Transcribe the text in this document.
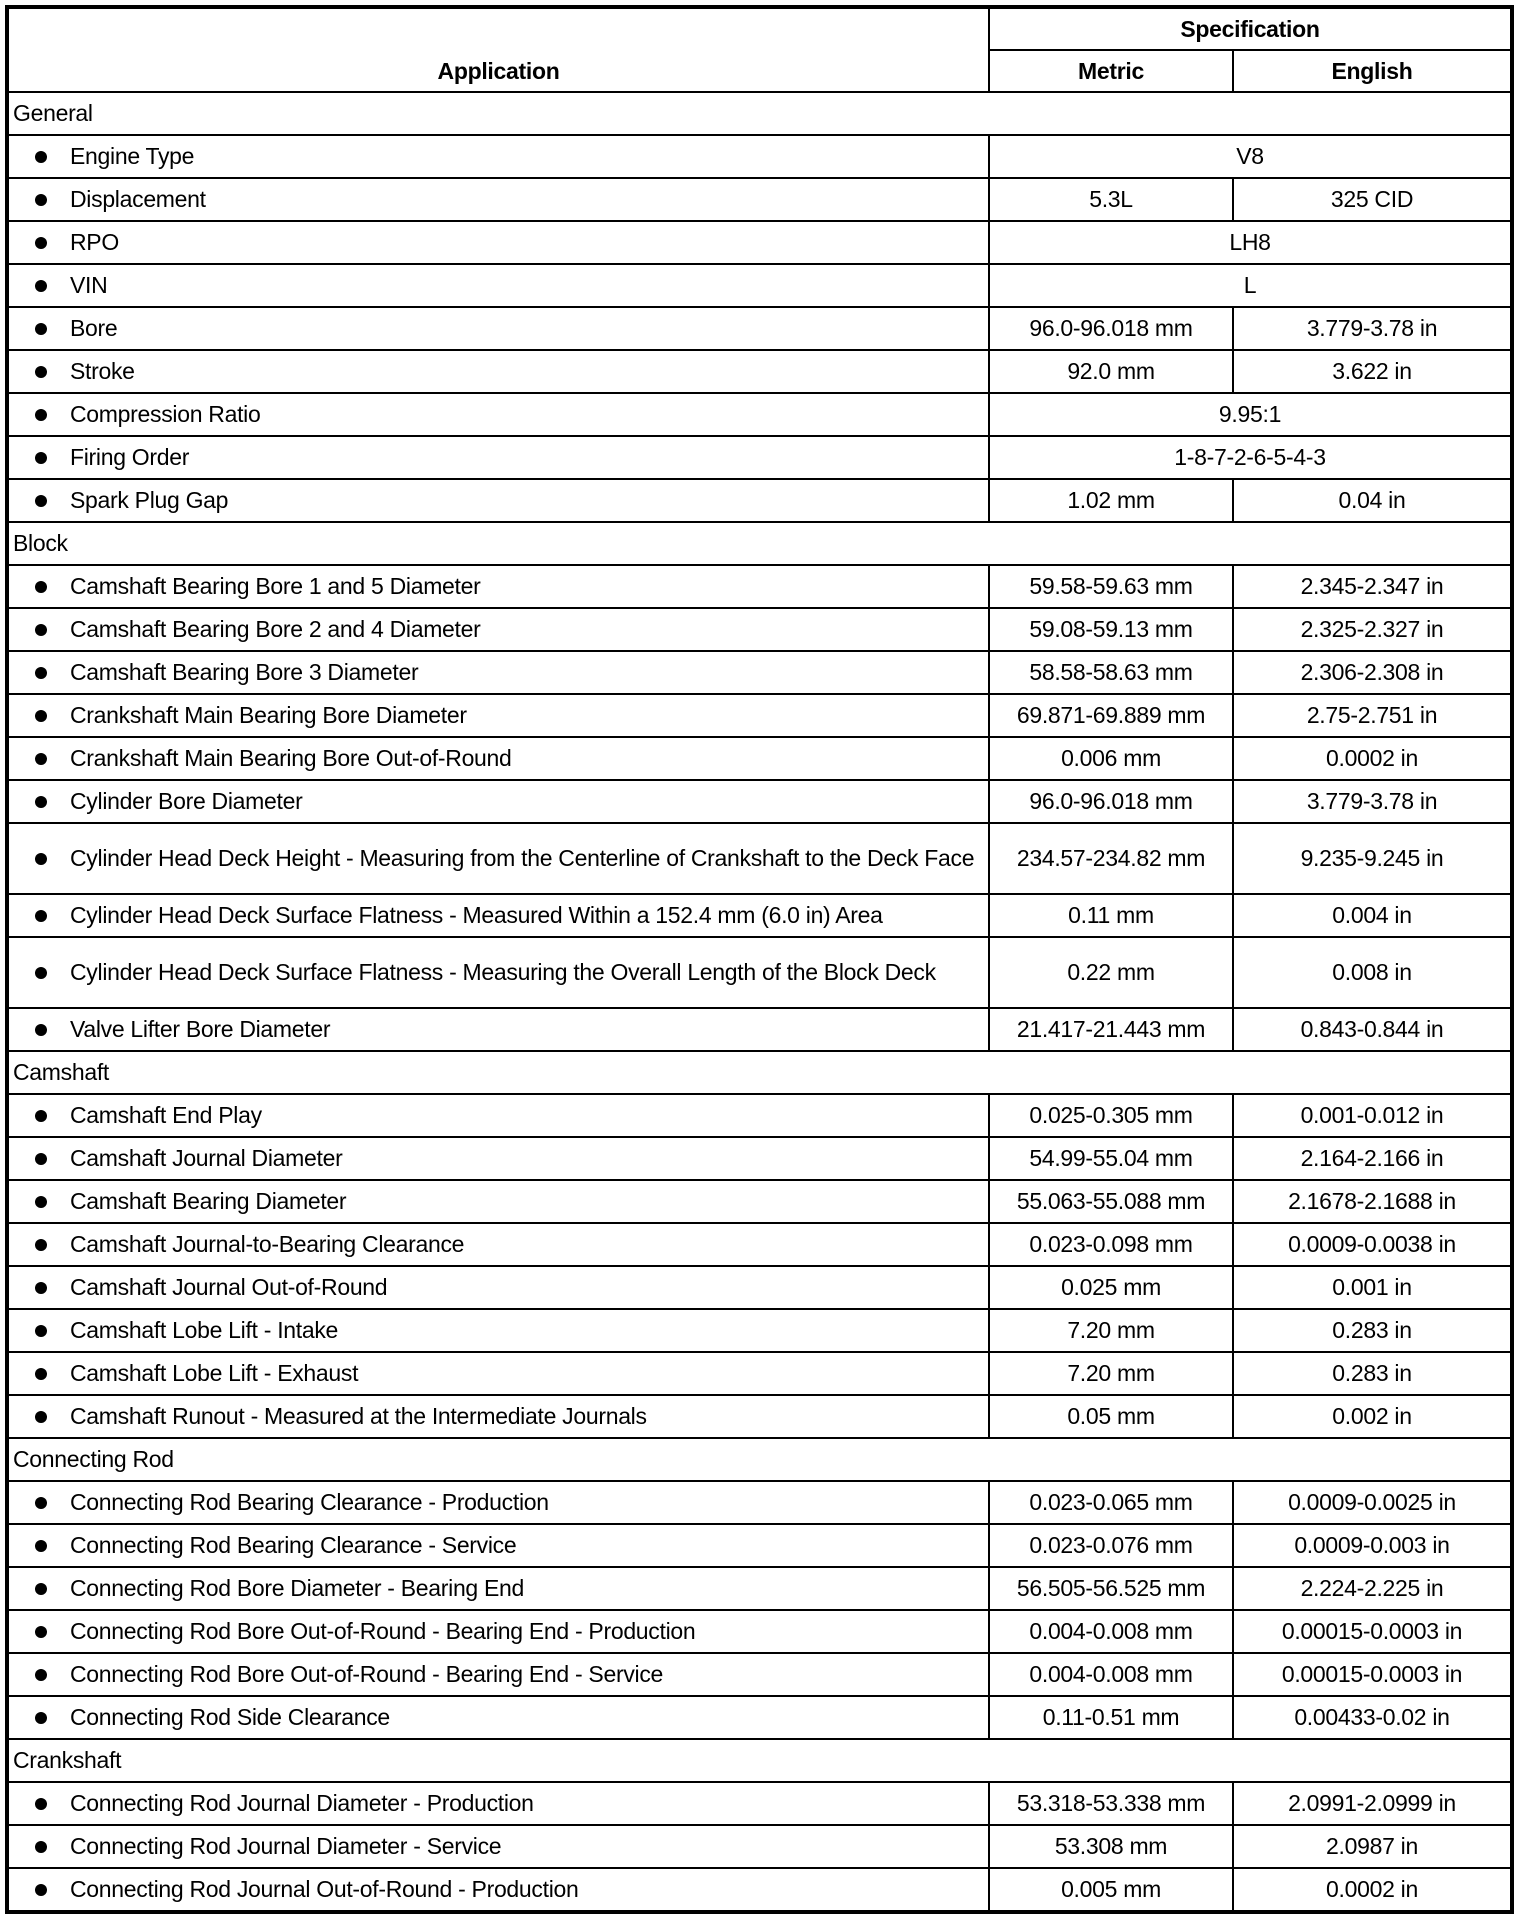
Application	Specification	
	Metric	English
General		

Engine Type	V8	

Displacement	5.3L	325 CID

RPO	LH8	

VIN	L	

Bore	96.0-96.018 mm	3.779-3.78 in

Stroke	92.0 mm	3.622 in

Compression Ratio	9.95:1	

Firing Order	1-8-7-2-6-5-4-3	

Spark Plug Gap	1.02 mm	0.04 in
Block		

Camshaft Bearing Bore 1 and 5 Diameter	59.58-59.63 mm	2.345-2.347 in

Camshaft Bearing Bore 2 and 4 Diameter	59.08-59.13 mm	2.325-2.327 in

Camshaft Bearing Bore 3 Diameter	58.58-58.63 mm	2.306-2.308 in

Crankshaft Main Bearing Bore Diameter	69.871-69.889 mm	2.75-2.751 in

Crankshaft Main Bearing Bore Out-of-Round	0.006 mm	0.0002 in

Cylinder Bore Diameter	96.0-96.018 mm	3.779-3.78 in

Cylinder Head Deck Height - Measuring from the Centerline of Crankshaft to the Deck Face	234.57-234.82 mm	9.235-9.245 in

Cylinder Head Deck Surface Flatness - Measured Within a 152.4 mm (6.0 in) Area	0.11 mm	0.004 in

Cylinder Head Deck Surface Flatness - Measuring the Overall Length of the Block Deck	0.22 mm	0.008 in

Valve Lifter Bore Diameter	21.417-21.443 mm	0.843-0.844 in
Camshaft		

Camshaft End Play	0.025-0.305 mm	0.001-0.012 in

Camshaft Journal Diameter	54.99-55.04 mm	2.164-2.166 in

Camshaft Bearing Diameter	55.063-55.088 mm	2.1678-2.1688 in

Camshaft Journal-to-Bearing Clearance	0.023-0.098 mm	0.0009-0.0038 in

Camshaft Journal Out-of-Round	0.025 mm	0.001 in

Camshaft Lobe Lift - Intake	7.20 mm	0.283 in

Camshaft Lobe Lift - Exhaust	7.20 mm	0.283 in

Camshaft Runout - Measured at the Intermediate Journals	0.05 mm	0.002 in
Connecting Rod		

Connecting Rod Bearing Clearance - Production	0.023-0.065 mm	0.0009-0.0025 in

Connecting Rod Bearing Clearance - Service	0.023-0.076 mm	0.0009-0.003 in

Connecting Rod Bore Diameter - Bearing End	56.505-56.525 mm	2.224-2.225 in

Connecting Rod Bore Out-of-Round - Bearing End - Production	0.004-0.008 mm	0.00015-0.0003 in

Connecting Rod Bore Out-of-Round - Bearing End - Service	0.004-0.008 mm	0.00015-0.0003 in

Connecting Rod Side Clearance	0.11-0.51 mm	0.00433-0.02 in
Crankshaft		

Connecting Rod Journal Diameter - Production	53.318-53.338 mm	2.0991-2.0999 in

Connecting Rod Journal Diameter - Service	53.308 mm	2.0987 in

Connecting Rod Journal Out-of-Round - Production	0.005 mm	0.0002 in
